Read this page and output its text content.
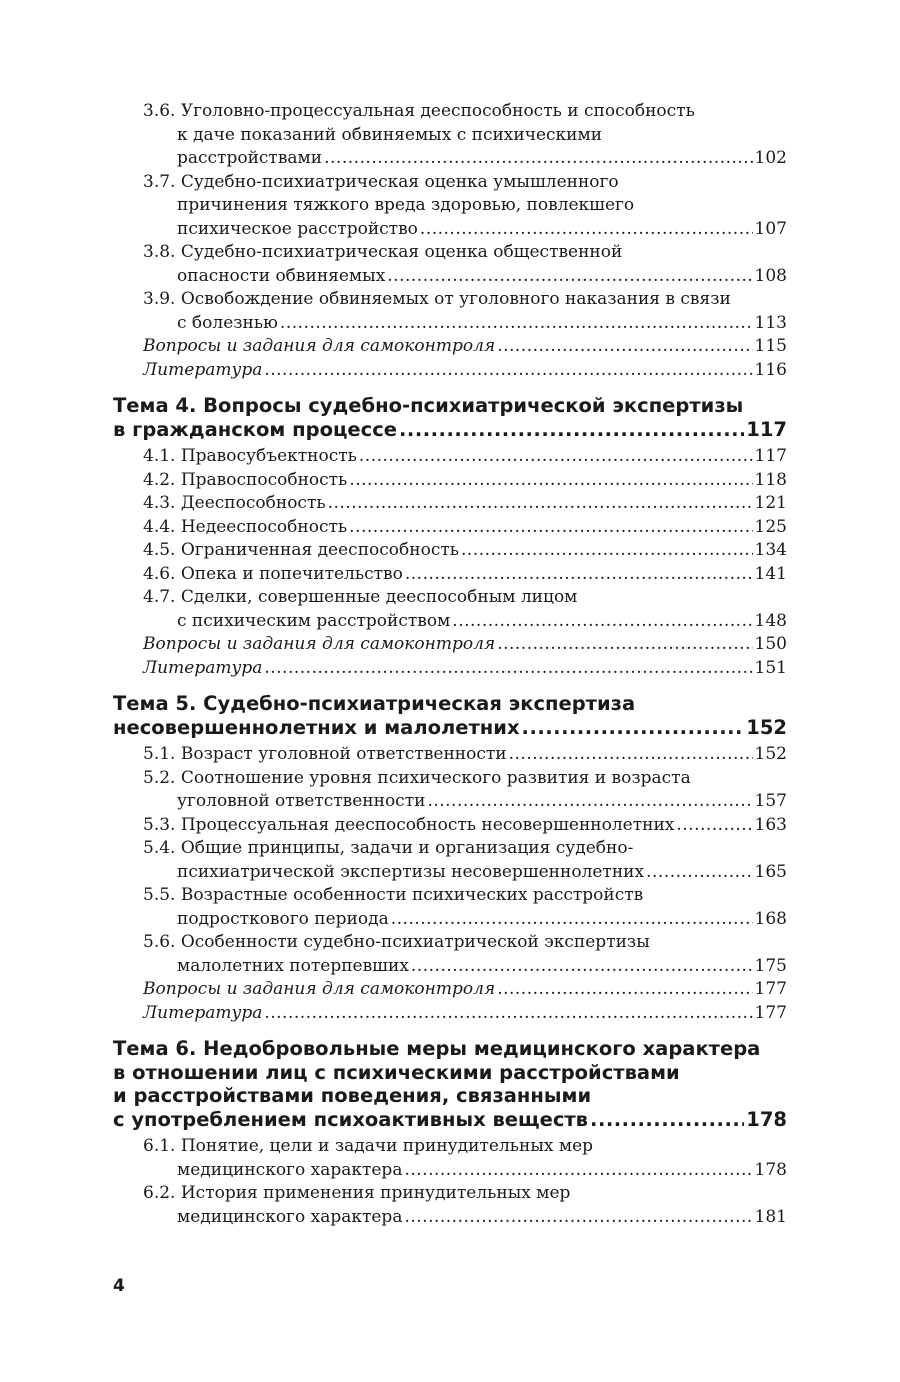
3.6. Уголовно-процессуальная дееспособность и способность
к даче показаний обвиняемых с психическими
расстройствами .....	102
3.7. Судебно-психиатрическая оценка умышленного
причинения тяжкого вреда здоровью, повлекшего
психическое расстройство .....	107
3.8. Судебно-психиатрическая оценка общественной
опасности обвиняемых .....	108
3.9. Освобождение обвиняемых от уголовного наказания в связи
с болезнью .....	113
Вопросы и задания для самоконтроля .....	115
Литература .....	116
Тема 4. Вопросы судебно-психиатрической экспертизы
в гражданском процессе .....	117
4.1. Правосубъектность .....	117
4.2. Правоспособность .....	118
4.3. Дееспособность .....	121
4.4. Недееспособность .....	125
4.5. Ограниченная дееспособность .....	134
4.6. Опека и попечительство .....	141
4.7. Сделки, совершенные дееспособным лицом
с психическим расстройством .....	148
Вопросы и задания для самоконтроля .....	150
Литература .....	151
Тема 5. Судебно-психиатрическая экспертиза
несовершеннолетних и малолетних .....	152
5.1. Возраст уголовной ответственности .....	152
5.2. Соотношение уровня психического развития и возраста
уголовной ответственности .....	157
5.3. Процессуальная дееспособность несовершеннолетних .....	163
5.4. Общие принципы, задачи и организация судебно-
психиатрической экспертизы несовершеннолетних .....	165
5.5. Возрастные особенности психических расстройств
подросткового периода .....	168
5.6. Особенности судебно-психиатрической экспертизы
малолетних потерпевших .....	175
Вопросы и задания для самоконтроля .....	177
Литература .....	177
Тема 6. Недобровольные меры медицинского характера
в отношении лиц с психическими расстройствами
и расстройствами поведения, связанными
с употреблением психоактивных веществ .....	178
6.1. Понятие, цели и задачи принудительных мер
медицинского характера .....	178
6.2. История применения принудительных мер
медицинского характера .....	181
4
